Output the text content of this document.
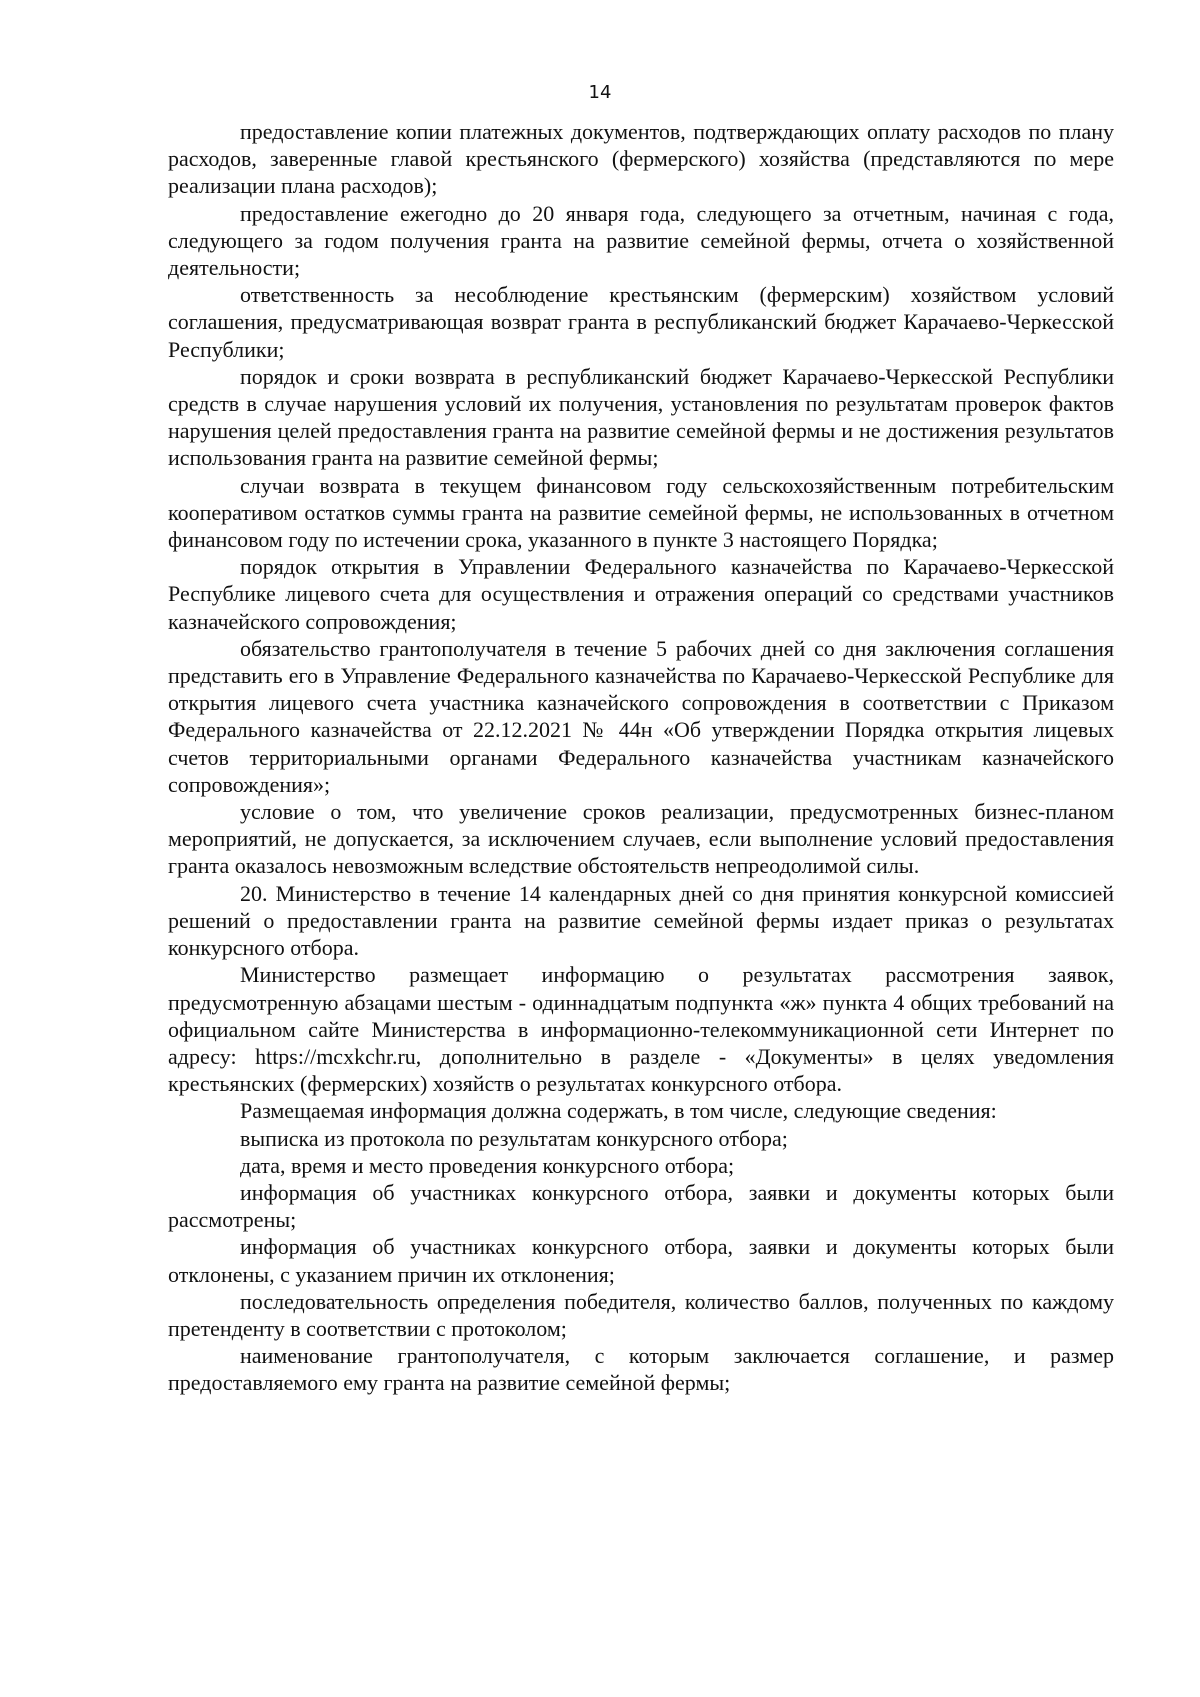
14

предоставление копии платежных документов, подтверждающих оплату расходов по плану расходов, заверенные главой крестьянского (фермерского) хозяйства (представляются по мере реализации плана расходов);

предоставление ежегодно до 20 января года, следующего за отчетным, начиная с года, следующего за годом получения гранта на развитие семейной фермы, отчета о хозяйственной деятельности;

ответственность за несоблюдение крестьянским (фермерским) хозяйством условий соглашения, предусматривающая возврат гранта в республиканский бюджет Карачаево-Черкесской Республики;

порядок и сроки возврата в республиканский бюджет Карачаево-Черкесской Республики средств в случае нарушения условий их получения, установления по результатам проверок фактов нарушения целей предоставления гранта на развитие семейной фермы и не достижения результатов использования гранта на развитие семейной фермы;

случаи возврата в текущем финансовом году сельскохозяйственным потребительским кооперативом остатков суммы гранта на развитие семейной фермы, не использованных в отчетном финансовом году по истечении срока, указанного в пункте 3 настоящего Порядка;

порядок открытия в Управлении Федерального казначейства по Карачаево-Черкесской Республике лицевого счета для осуществления и отражения операций со средствами участников казначейского сопровождения;

обязательство грантополучателя в течение 5 рабочих дней со дня заключения соглашения представить его в Управление Федерального казначейства по Карачаево-Черкесской Республике для открытия лицевого счета участника казначейского сопровождения в соответствии с Приказом Федерального казначейства от 22.12.2021 № 44н «Об утверждении Порядка открытия лицевых счетов территориальными органами Федерального казначейства участникам казначейского сопровождения»;

условие о том, что увеличение сроков реализации, предусмотренных бизнес-планом мероприятий, не допускается, за исключением случаев, если выполнение условий предоставления гранта оказалось невозможным вследствие обстоятельств непреодолимой силы.

20. Министерство в течение 14 календарных дней со дня принятия конкурсной комиссией решений о предоставлении гранта на развитие семейной фермы издает приказ о результатах конкурсного отбора.

Министерство размещает информацию о результатах рассмотрения заявок, предусмотренную абзацами шестым - одиннадцатым подпункта «ж» пункта 4 общих требований на официальном сайте Министерства в информационно-телекоммуникационной сети Интернет по адресу: https://mcxkchr.ru, дополнительно в разделе - «Документы» в целях уведомления крестьянских (фермерских) хозяйств о результатах конкурсного отбора.

Размещаемая информация должна содержать, в том числе, следующие сведения:

выписка из протокола по результатам конкурсного отбора;

дата, время и место проведения конкурсного отбора;

информация об участниках конкурсного отбора, заявки и документы которых были рассмотрены;

информация об участниках конкурсного отбора, заявки и документы которых были отклонены, с указанием причин их отклонения;

последовательность определения победителя, количество баллов, полученных по каждому претенденту в соответствии с протоколом;

наименование грантополучателя, с которым заключается соглашение, и размер предоставляемого ему гранта на развитие семейной фермы;
